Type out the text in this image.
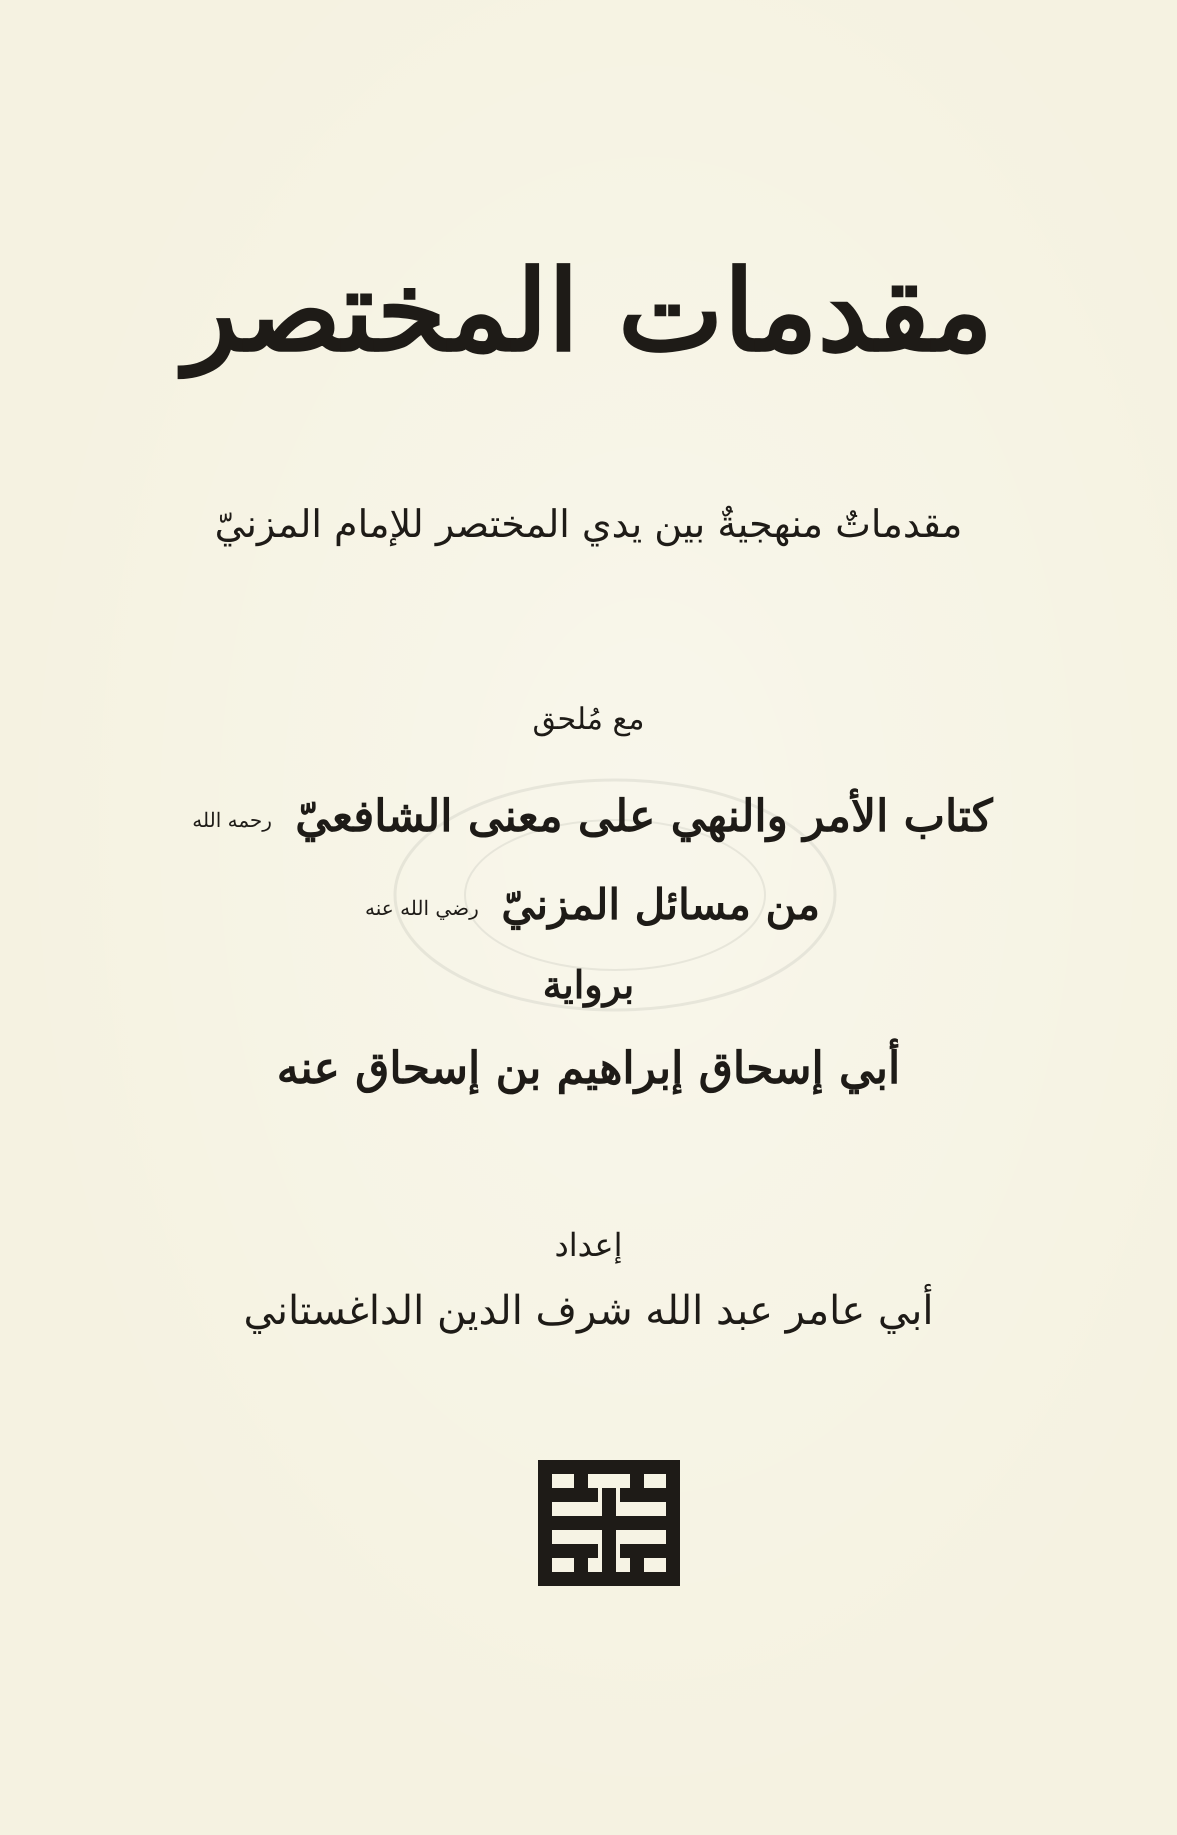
مقدمات المختصر
مقدماتٌ منهجيةٌ بين يدي المختصر للإمام المزنيّ
مع مُلحق
كتاب الأمر والنهي على معنى الشافعيّ رحمه الله
من مسائل المزنيّ رضي الله عنه
برواية
أبي إسحاق إبراهيم بن إسحاق عنه
إعداد
أبي عامر عبد الله شرف الدين الداغستاني
